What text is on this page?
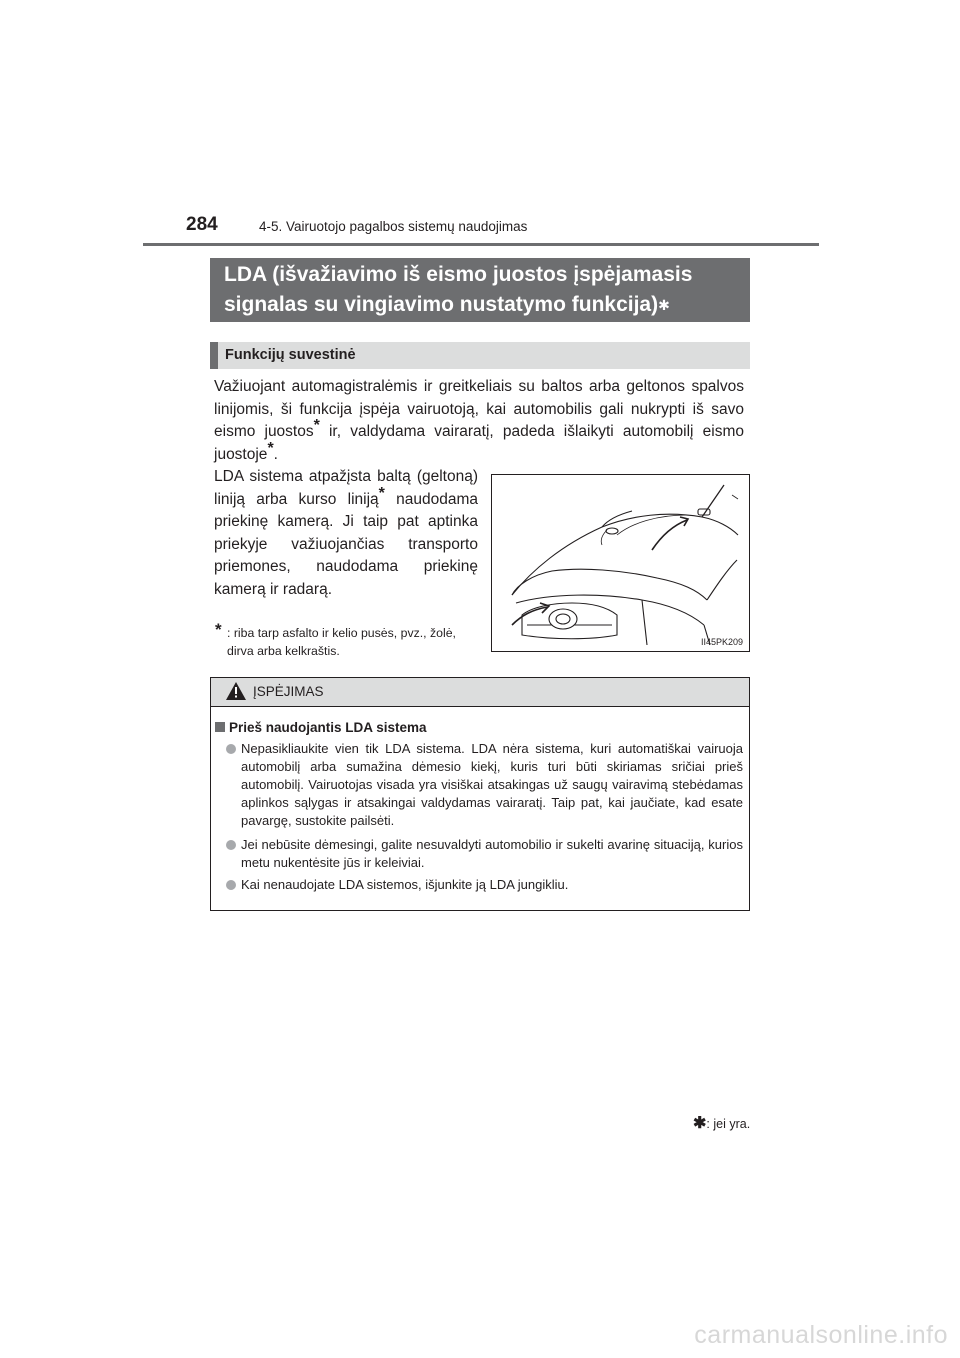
284	4-5. Vairuotojo pagalbos sistemų naudojimas
LDA (išvažiavimo iš eismo juostos įspėjamasis
signalas su vingiavimo nustatymo funkcija)✱
Funkcijų suvestinė
Važiuojant automagistralėmis ir greitkeliais su baltos arba geltonos spalvos linijomis, ši funkcija įspėja vairuotoją, kai automobilis gali nukrypti iš savo eismo juostos* ir, valdydama vairaratį, padeda išlaikyti automobilį eismo juostoje*.
LDA sistema atpažįsta baltą (geltoną) liniją arba kurso liniją* naudodama priekinę kamerą. Ji taip pat aptinka priekyje važiuojančias transporto priemones, naudodama priekinę kamerą ir radarą.
* : riba tarp asfalto ir kelio pusės, pvz., žolė, dirva arba kelkraštis.
II45PK209
ĮSPĖJIMAS
Prieš naudojantis LDA sistema
Nepasikliaukite vien tik LDA sistema. LDA nėra sistema, kuri automatiškai vairuoja automobilį arba sumažina dėmesio kiekį, kuris turi būti skiriamas sričiai prieš automobilį. Vairuotojas visada yra visiškai atsakingas už saugų vairavimą stebėdamas aplinkos sąlygas ir atsakingai valdydamas vairaratį. Taip pat, kai jaučiate, kad esate pavargę, sustokite pailsėti.
Jei nebūsite dėmesingi, galite nesuvaldyti automobilio ir sukelti avarinę situaciją, kurios metu nukentėsite jūs ir keleiviai.
Kai nenaudojate LDA sistemos, išjunkite ją LDA jungikliu.
✱: jei yra.
carmanualsonline.info
